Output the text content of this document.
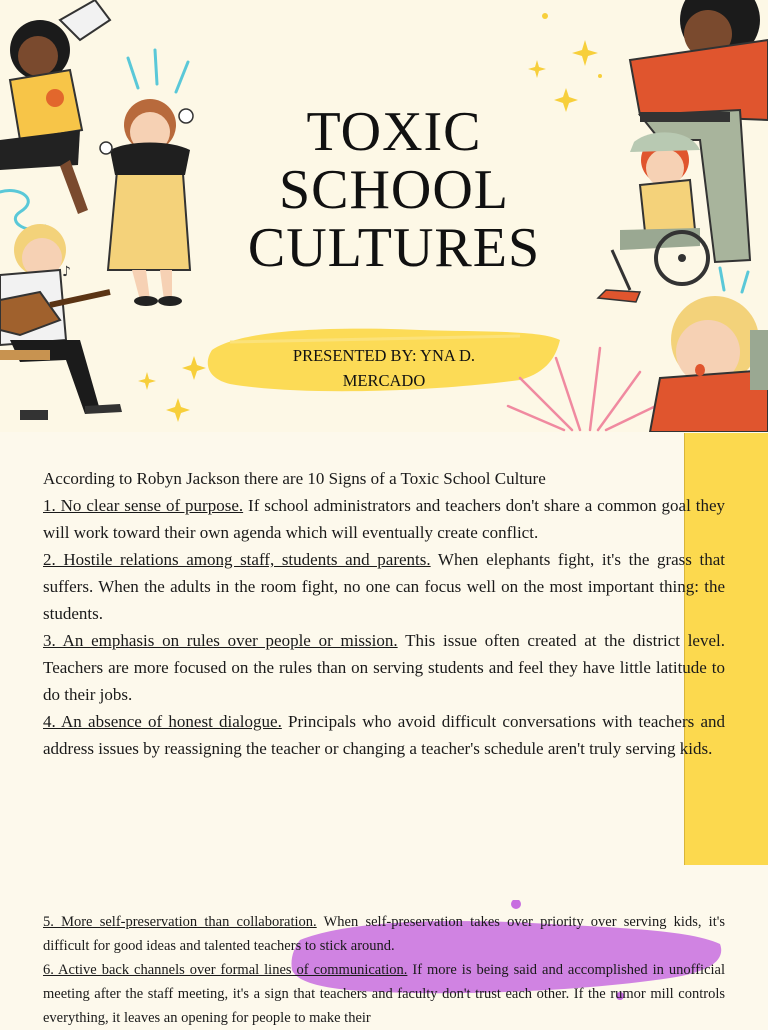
♪
TOXIC
SCHOOL
CULTURES
PRESENTED BY: YNA D.
MERCADO

According to Robyn Jackson there are 10 Signs of a Toxic School Culture

1. No clear sense of purpose. If school administrators and teachers don't share a common goal they will work toward their own agenda which will eventually create conflict.

2. Hostile relations among staff, students and parents. When elephants fight, it's the grass that suffers. When the adults in the room fight, no one can focus well on the most important thing: the students.

3. An emphasis on rules over people or mission. This issue often created at the district level. Teachers are more focused on the rules than on serving students and feel they have little latitude to do their jobs.

4. An absence of honest dialogue. Principals who avoid difficult conversations with teachers and address issues by reassigning the teacher or changing a teacher's schedule aren't truly serving kids.

5. More self-preservation than collaboration. When self-preservation takes over priority over serving kids, it's difficult for good ideas and talented teachers to stick around.

6. Active back channels over formal lines of communication. If more is being said and accomplished in unofficial meeting after the staff meeting, it's a sign that teachers and faculty don't trust each other. If the rumor mill controls everything, it leaves an opening for people to make their
